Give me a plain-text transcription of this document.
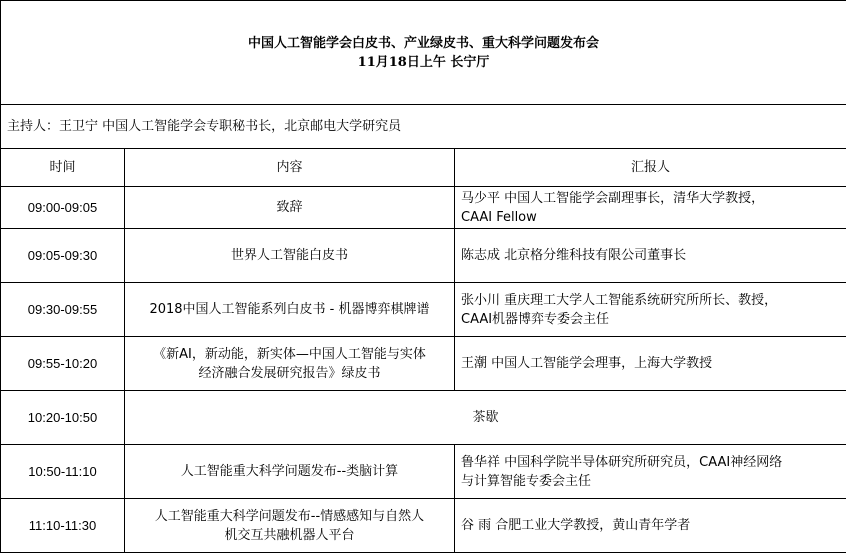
中国人工智能学会白皮书、产业绿皮书、重大科学问题发布会
11月18日上午 长宁厅		

主持人：王卫宁 中国人工智能学会专职秘书长，北京邮电大学研究员		
时间	内容	汇报人
09:00-09:05	致辞	马少平 中国人工智能学会副理事长，清华大学教授，
CAAI Fellow

09:05-09:30	世界人工智能白皮书	陈志成 北京格分维科技有限公司董事长
09:30-09:55	2018中国人工智能系列白皮书 - 机器博弈棋牌谱	张小川 重庆理工大学人工智能系统研究所所长、教授，
CAAI机器博弈专委会主任

09:55-10:20	《新AI，新动能，新实体—中国人工智能与实体
经济融合发展研究报告》绿皮书	王潮 中国人工智能学会理事，上海大学教授
10:20-10:50	茶歇	
10:50-11:10	人工智能重大科学问题发布--类脑计算	鲁华祥 中国科学院半导体研究所研究员，CAAI神经网络
与计算智能专委会主任

11:10-11:30	人工智能重大科学问题发布--情感感知与自然人
机交互共融机器人平台	谷 雨 合肥工业大学教授，黄山青年学者
